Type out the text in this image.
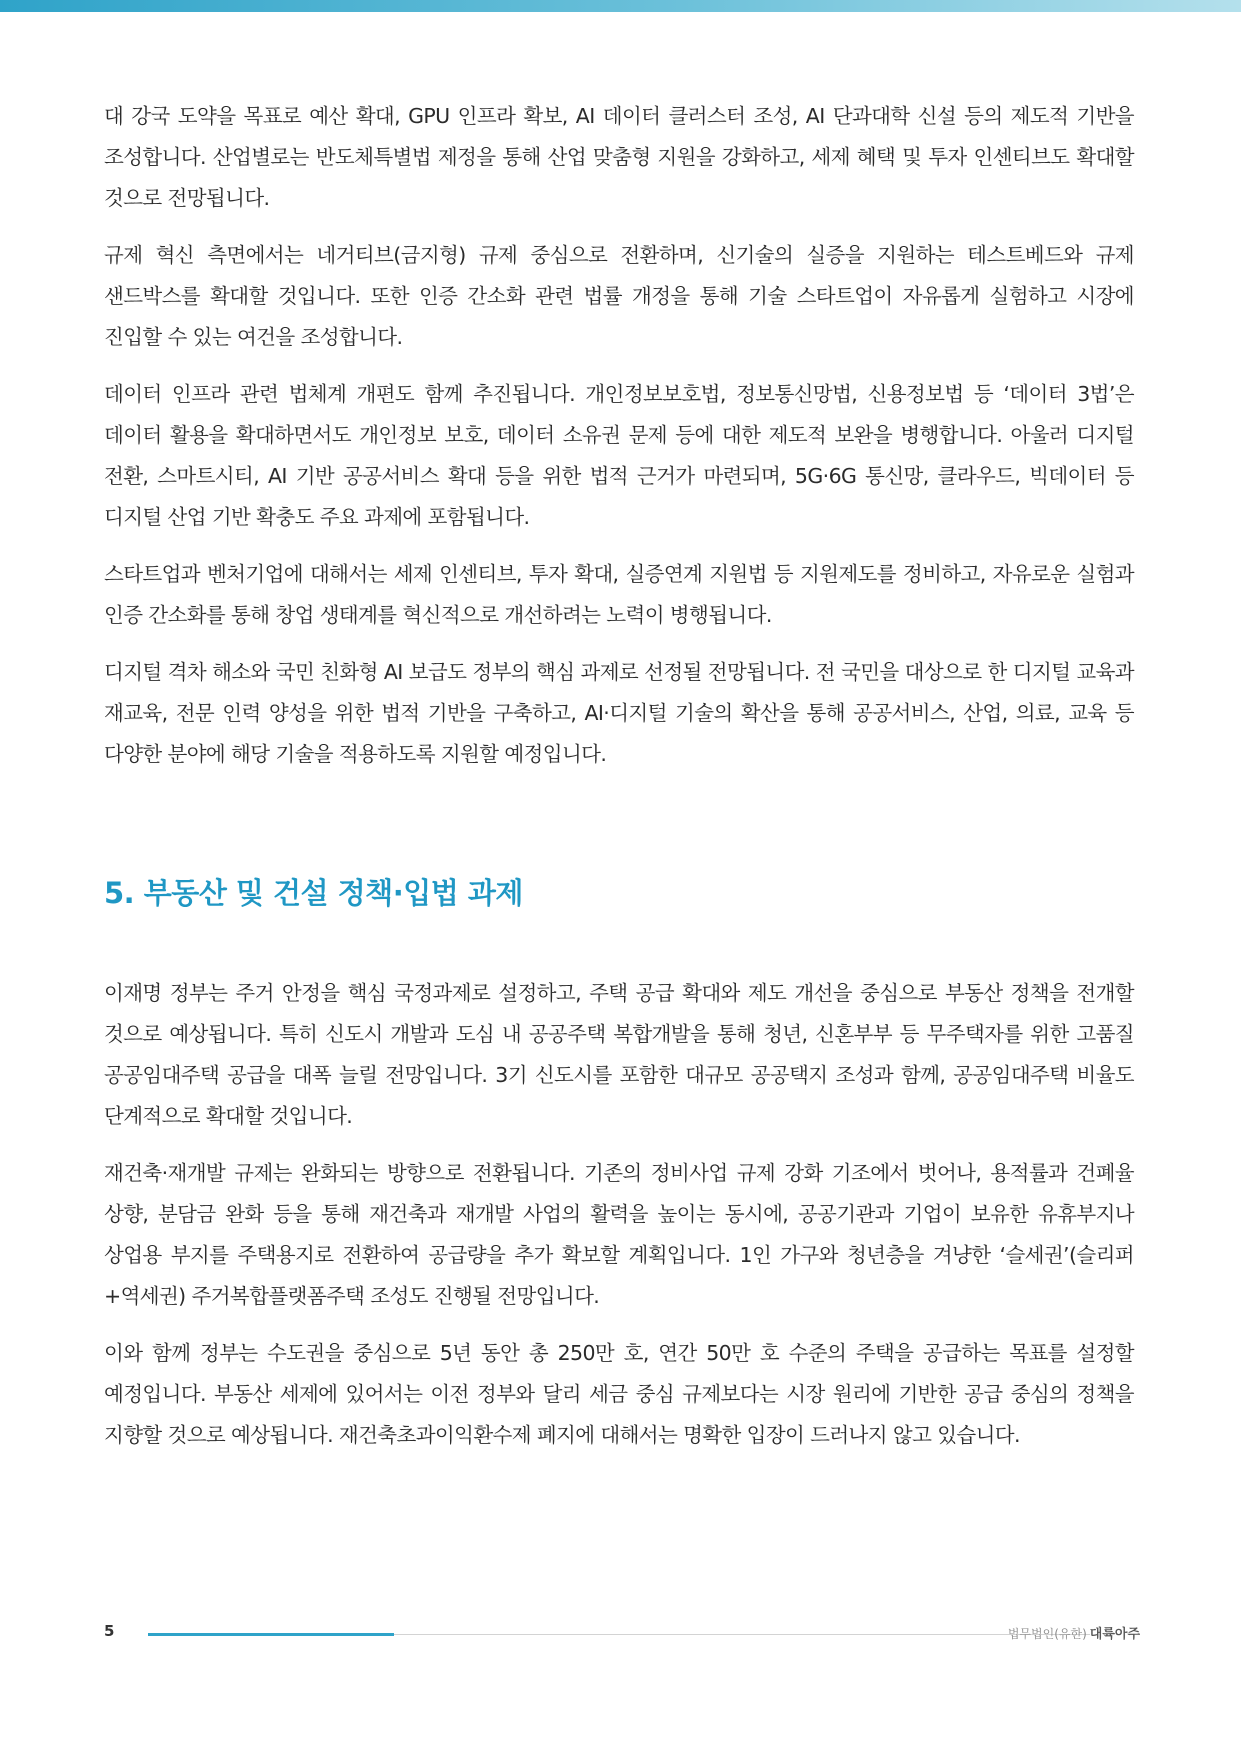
대 강국 도약을 목표로 예산 확대, GPU 인프라 확보, AI 데이터 클러스터 조성, AI 단과대학 신설 등의 제도적 기반을 조성합니다. 산업별로는 반도체특별법 제정을 통해 산업 맞춤형 지원을 강화하고, 세제 혜택 및 투자 인센티브도 확대할 것으로 전망됩니다.

규제 혁신 측면에서는 네거티브(금지형) 규제 중심으로 전환하며, 신기술의 실증을 지원하는 테스트베드와 규제 샌드박스를 확대할 것입니다. 또한 인증 간소화 관련 법률 개정을 통해 기술 스타트업이 자유롭게 실험하고 시장에 진입할 수 있는 여건을 조성합니다.

데이터 인프라 관련 법체계 개편도 함께 추진됩니다. 개인정보보호법, 정보통신망법, 신용정보법 등 ‘데이터 3법’은 데이터 활용을 확대하면서도 개인정보 보호, 데이터 소유권 문제 등에 대한 제도적 보완을 병행합니다. 아울러 디지털 전환, 스마트시티, AI 기반 공공서비스 확대 등을 위한 법적 근거가 마련되며, 5G·6G 통신망, 클라우드, 빅데이터 등 디지털 산업 기반 확충도 주요 과제에 포함됩니다.

스타트업과 벤처기업에 대해서는 세제 인센티브, 투자 확대, 실증연계 지원법 등 지원제도를 정비하고, 자유로운 실험과 인증 간소화를 통해 창업 생태계를 혁신적으로 개선하려는 노력이 병행됩니다.

디지털 격차 해소와 국민 친화형 AI 보급도 정부의 핵심 과제로 선정될 전망됩니다. 전 국민을 대상으로 한 디지털 교육과 재교육, 전문 인력 양성을 위한 법적 기반을 구축하고, AI·디지털 기술의 확산을 통해 공공서비스, 산업, 의료, 교육 등 다양한 분야에 해당 기술을 적용하도록 지원할 예정입니다.

5. 부동산 및 건설 정책·입법 과제

이재명 정부는 주거 안정을 핵심 국정과제로 설정하고, 주택 공급 확대와 제도 개선을 중심으로 부동산 정책을 전개할 것으로 예상됩니다. 특히 신도시 개발과 도심 내 공공주택 복합개발을 통해 청년, 신혼부부 등 무주택자를 위한 고품질 공공임대주택 공급을 대폭 늘릴 전망입니다. 3기 신도시를 포함한 대규모 공공택지 조성과 함께, 공공임대주택 비율도 단계적으로 확대할 것입니다.

재건축·재개발 규제는 완화되는 방향으로 전환됩니다. 기존의 정비사업 규제 강화 기조에서 벗어나, 용적률과 건폐율 상향, 분담금 완화 등을 통해 재건축과 재개발 사업의 활력을 높이는 동시에, 공공기관과 기업이 보유한 유휴부지나 상업용 부지를 주택용지로 전환하여 공급량을 추가 확보할 계획입니다. 1인 가구와 청년층을 겨냥한 ‘슬세권’(슬리퍼+역세권) 주거복합플랫폼주택 조성도 진행될 전망입니다.

이와 함께 정부는 수도권을 중심으로 5년 동안 총 250만 호, 연간 50만 호 수준의 주택을 공급하는 목표를 설정할 예정입니다. 부동산 세제에 있어서는 이전 정부와 달리 세금 중심 규제보다는 시장 원리에 기반한 공급 중심의 정책을 지향할 것으로 예상됩니다. 재건축초과이익환수제 폐지에 대해서는 명확한 입장이 드러나지 않고 있습니다.

5	법무법인(유한) 대륙아주
